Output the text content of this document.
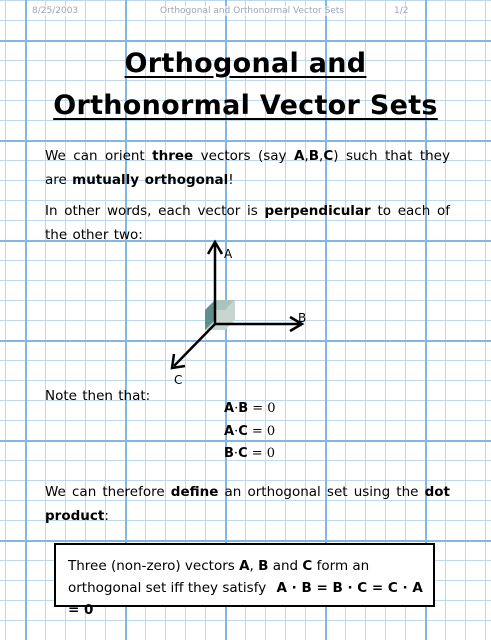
8/25/2003	Orthogonal and Orthonormal Vector Sets	1/2
Orthogonal and
Orthonormal Vector Sets
We can orient three vectors (say A,B,C) such that they are mutually orthogonal!
In other words, each vector is perpendicular to each of the other two:
A
B
C
Note then that:
A·B = 0
A·C = 0
B·C = 0
We can therefore define an orthogonal set using the dot product:
Three (non-zero) vectors A, B and C form an orthogonal set iff they satisfy A · B = B · C = C · A = 0
